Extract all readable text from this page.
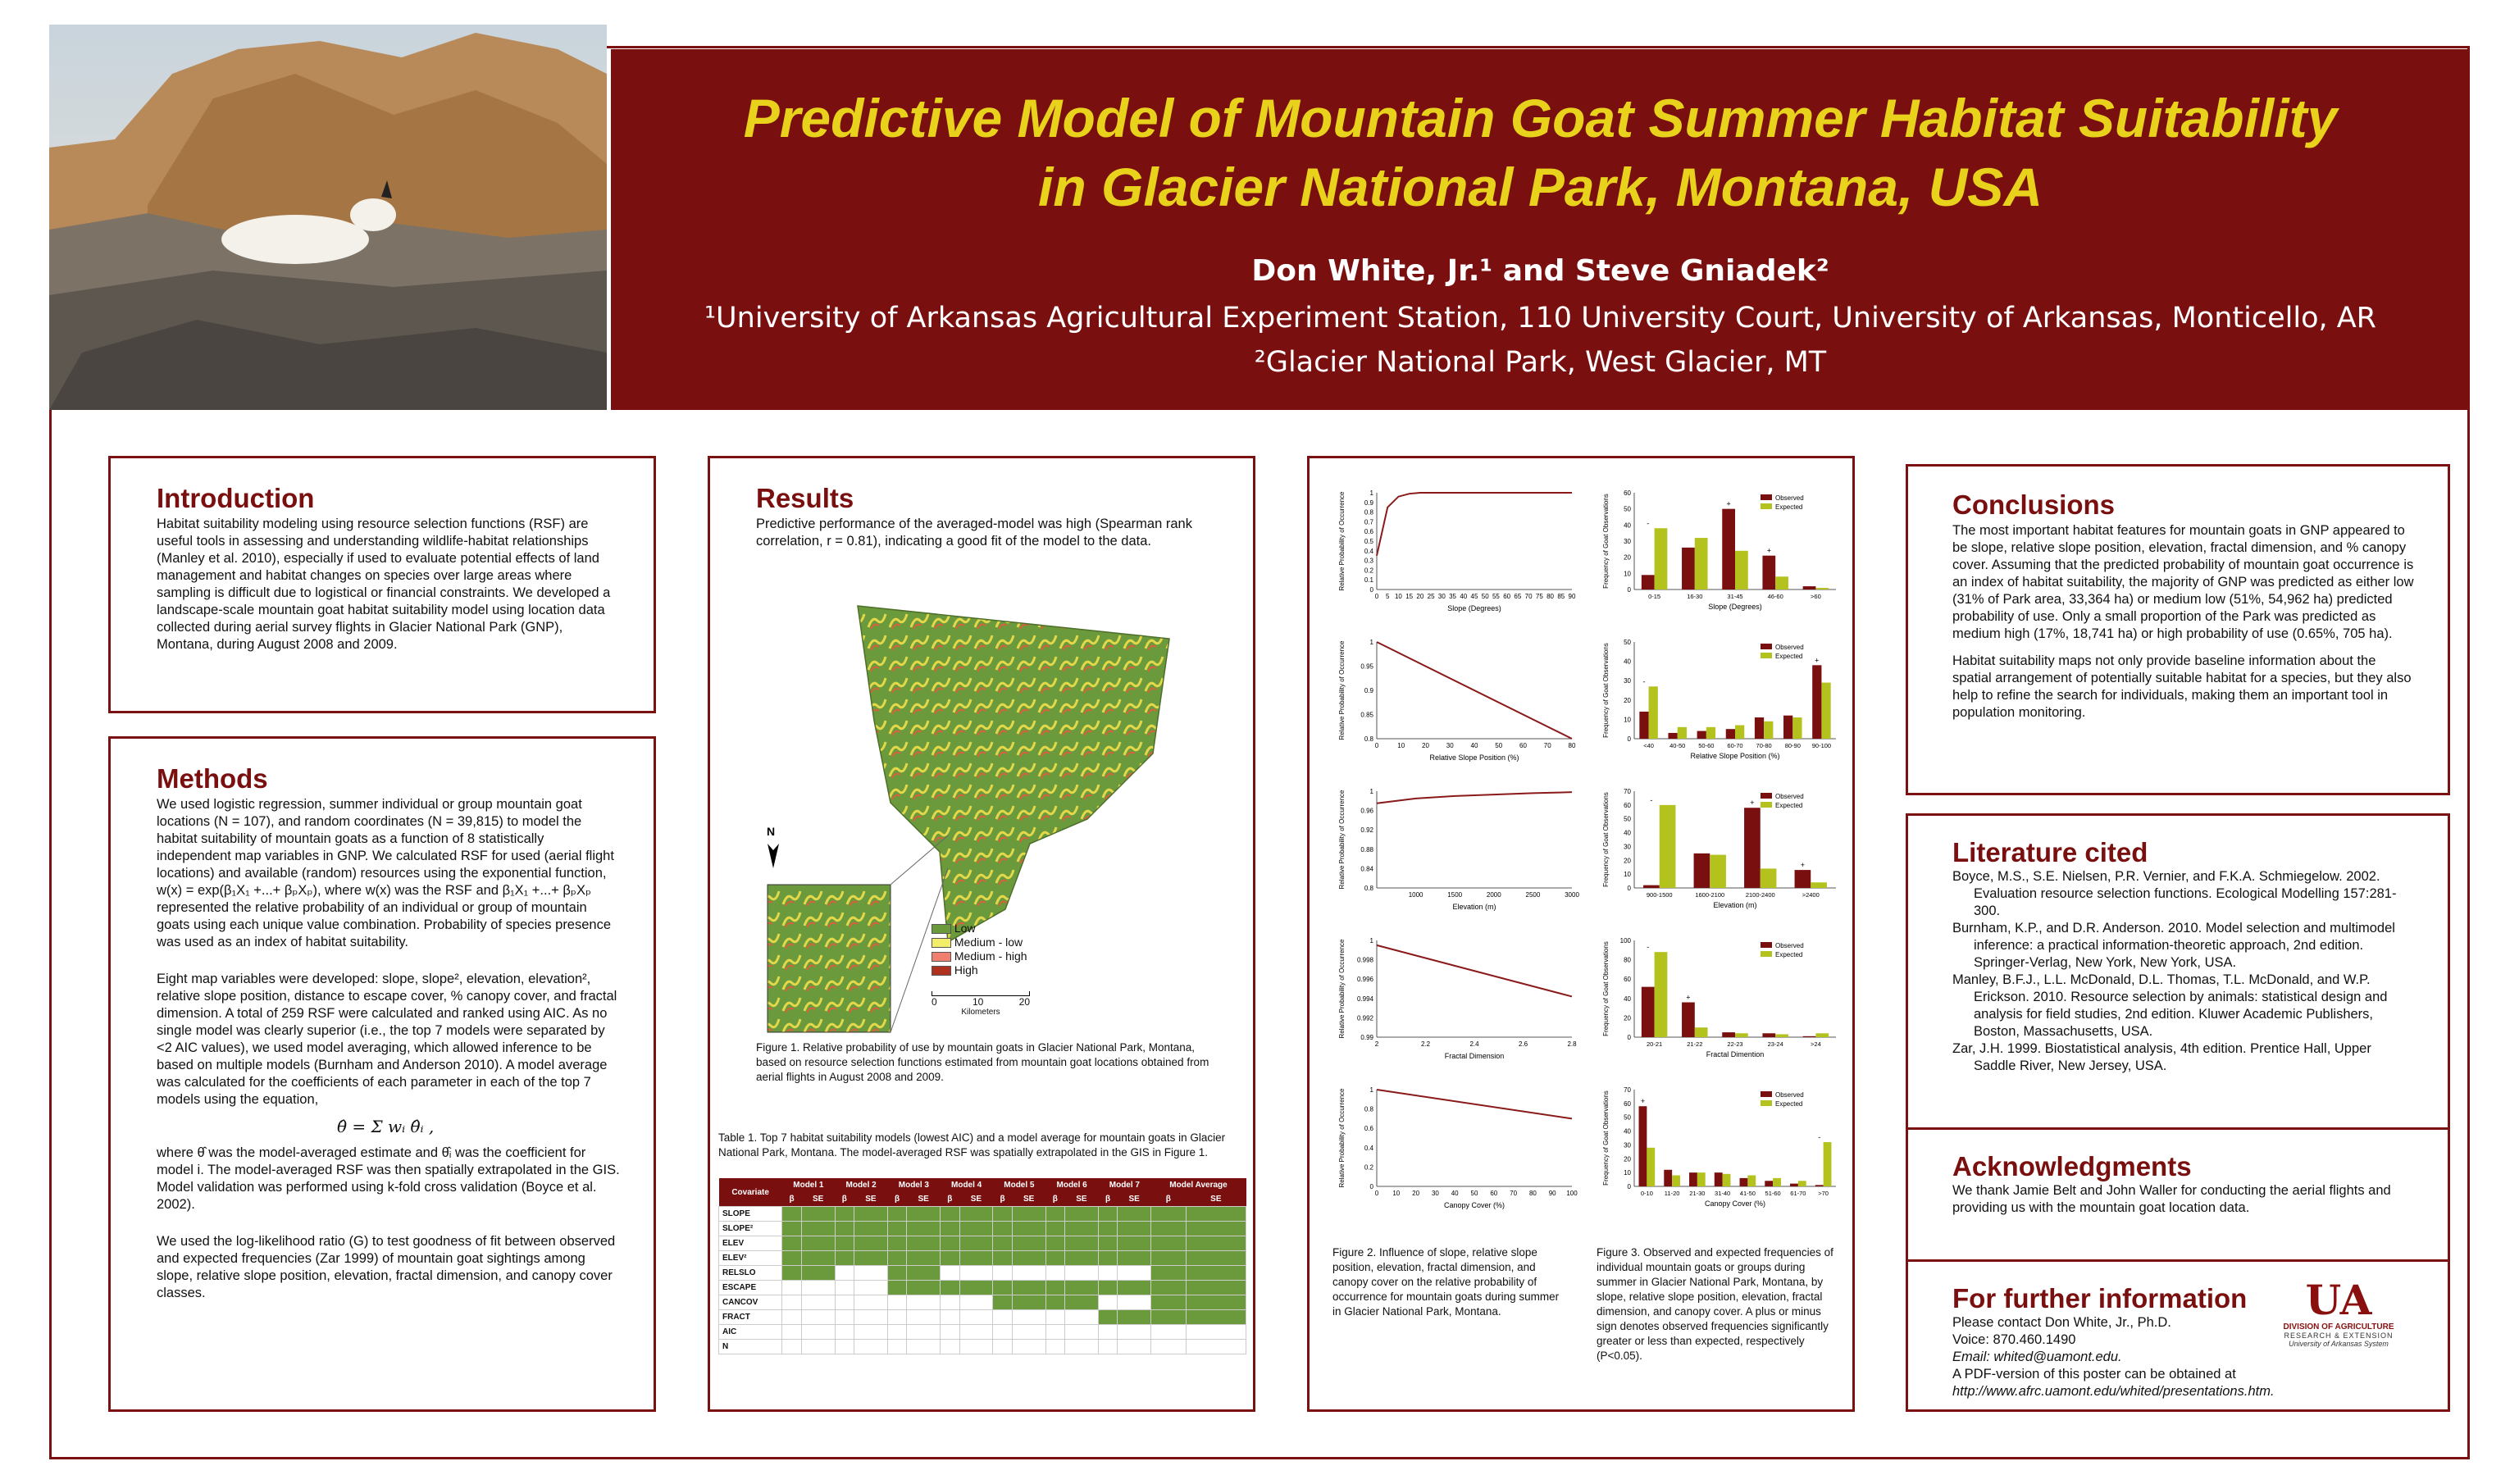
Predictive Model of Mountain Goat Summer Habitat Suitability
in Glacier National Park, Montana, USA
Don White, Jr.¹ and Steve Gniadek²
¹University of Arkansas Agricultural Experiment Station, 110 University Court, University of Arkansas, Monticello, AR
²Glacier National Park, West Glacier, MT
Introduction

Habitat suitability modeling using resource selection functions (RSF) are useful tools in assessing and understanding wildlife-habitat relationships (Manley et al. 2010), especially if used to evaluate potential effects of land management and habitat changes on species over large areas where sampling is difficult due to logistical or financial constraints. We developed a landscape-scale mountain goat habitat suitability model using location data collected during aerial survey flights in Glacier National Park (GNP), Montana, during August 2008 and 2009.

Methods

We used logistic regression, summer individual or group mountain goat locations (N = 107), and random coordinates (N = 39,815) to model the habitat suitability of mountain goats as a function of 8 statistically independent map variables in GNP. We calculated RSF for used (aerial flight locations) and available (random) resources using the exponential function, w(x) = exp(β₁X₁ +...+ βₚXₚ), where w(x) was the RSF and β₁X₁ +...+ βₚXₚ represented the relative probability of an individual or group of mountain goats using each unique value combination. Probability of species presence was used as an index of habitat suitability.

Eight map variables were developed: slope, slope², elevation, elevation², relative slope position, distance to escape cover, % canopy cover, and fractal dimension. A total of 259 RSF were calculated and ranked using AIC. As no single model was clearly superior (i.e., the top 7 models were separated by <2 AIC values), we used model averaging, which allowed inference to be based on multiple models (Burnham and Anderson 2010). A model average was calculated for the coefficients of each parameter in each of the top 7 models using the equation,

θ̂ = Σ wᵢ θ̂ᵢ ,

where θ̂ was the model-averaged estimate and θ̂ᵢ was the coefficient for model i. The model-averaged RSF was then spatially extrapolated in the GIS. Model validation was performed using k-fold cross validation (Boyce et al. 2002).

We used the log-likelihood ratio (G) to test goodness of fit between observed and expected frequencies (Zar 1999) of mountain goat sightings among slope, relative slope position, elevation, fractal dimension, and canopy cover classes.

Results

Predictive performance of the averaged-model was high (Spearman rank correlation, r = 0.81), indicating a good fit of the model to the data.

N
Low
Medium - low
Medium - high
High
0	10	20
Kilometers

Figure 1. Relative probability of use by mountain goats in Glacier National Park, Montana, based on resource selection functions estimated from mountain goat locations obtained from aerial flights in August 2008 and 2009.

Table 1. Top 7 habitat suitability models (lowest AIC) and a model average for mountain goats in Glacier National Park, Montana. The model-averaged RSF was spatially extrapolated in the GIS in Figure 1.

Covariate	Model 1		Model 2		Model 3		Model 4		Model 5		Model 6		Model 7		Model Average	
	β	SE	β	SE	β	SE	β	SE	β	SE	β	SE	β	SE	β	SE
SLOPE																
SLOPE²																
ELEV																
ELEV²																
RELSLO																
ESCAPE																
CANCOV																
FRACT																
AIC																
N																
0
0.1
0.2
0.3
0.4
0.5
0.6
0.7
0.8
0.9
1
0 5 10 15 20 25 30 35 40 45 50 55 60 65 70 75 80 85 90
Slope (Degrees)
Relative Probability of Occurrence
0.8
0.85
0.9
0.95
1
0	10	20	30	40	50	60	70	80
Relative Slope Position (%)
Relative Probability of Occurrence
0.8
0.84
0.88
0.92
0.96
1
1000	1500	2000	2500	3000
Elevation (m)
Relative Probability of Occurrence
0.99
0.992
0.994
0.996
0.998
1
2	2.2	2.4	2.6	2.8
Fractal Dimension
Relative Probability of Occurrence
0
0.2
0.4
0.6
0.8
1
0 10 20 30 40 50 60 70 80 90 100
Canopy Cover (%)
Relative Probability of Occurrence
0
10
20
30
40
50
60
-
0-15	16-30
+
31-45
+
46-60	>60
Observed
Expected
Slope (Degrees)
Frequency of Goat Observations
0
10
20
30
40
50
-
<40	40-50 50-60 60-70 70-80 80-90
+
90-100
Observed
Expected
Relative Slope Position (%)
Frequency of Goat Observations
0
10
20
30
40
50
60
70
-
900-1500	1600-2100
+
2100-2400
+
>2400
Observed
Expected
Elevation (m)
Frequency of Goat Observations
0
20
40
60
80
100
-
20-21
+
21-22	22-23	23-24	>24
Observed
Expected
Fractal Dimention
Frequency of Goat Observations
0
10
20
30
40
50
60
70
+
0-10 11-20 21-30 31-40 41-50 51-60 61-70
-
>70
Observed
Expected
Canopy Cover (%)
Frequency of Goat Observations

Figure 2. Influence of slope, relative slope position, elevation, fractal dimension, and canopy cover on the relative probability of occurrence for mountain goats during summer in Glacier National Park, Montana.

Figure 3. Observed and expected frequencies of individual mountain goats or groups during summer in Glacier National Park, Montana, by slope, relative slope position, elevation, fractal dimension, and canopy cover. A plus or minus sign denotes observed frequencies significantly greater or less than expected, respectively (P<0.05).

Conclusions

The most important habitat features for mountain goats in GNP appeared to be slope, relative slope position, elevation, fractal dimension, and % canopy cover. Assuming that the predicted probability of mountain goat occurrence is an index of habitat suitability, the majority of GNP was predicted as either low (31% of Park area, 33,364 ha) or medium low (51%, 54,962 ha) predicted probability of use. Only a small proportion of the Park was predicted as medium high (17%, 18,741 ha) or high probability of use (0.65%, 705 ha).

Habitat suitability maps not only provide baseline information about the spatial arrangement of potentially suitable habitat for a species, but they also help to refine the search for individuals, making them an important tool in population monitoring.

Literature cited

Boyce, M.S., S.E. Nielsen, P.R. Vernier, and F.K.A. Schmiegelow. 2002. Evaluation resource selection functions. Ecological Modelling 157:281-300.

Burnham, K.P., and D.R. Anderson. 2010. Model selection and multimodel inference: a practical information-theoretic approach, 2nd edition. Springer-Verlag, New York, New York, USA.

Manley, B.F.J., L.L. McDonald, D.L. Thomas, T.L. McDonald, and W.P. Erickson. 2010. Resource selection by animals: statistical design and analysis for field studies, 2nd edition. Kluwer Academic Publishers, Boston, Massachusetts, USA.

Zar, J.H. 1999. Biostatistical analysis, 4th edition. Prentice Hall, Upper Saddle River, New Jersey, USA.

Acknowledgments

We thank Jamie Belt and John Waller for conducting the aerial flights and providing us with the mountain goat location data.

For further information

Please contact Don White, Jr., Ph.D.

Voice: 870.460.1490

Email: whited@uamont.edu.

A PDF-version of this poster can be obtained at

http://www.afrc.uamont.edu/whited/presentations.htm.

UA
DIVISION OF AGRICULTURE
RESEARCH & EXTENSION
University of Arkansas System
